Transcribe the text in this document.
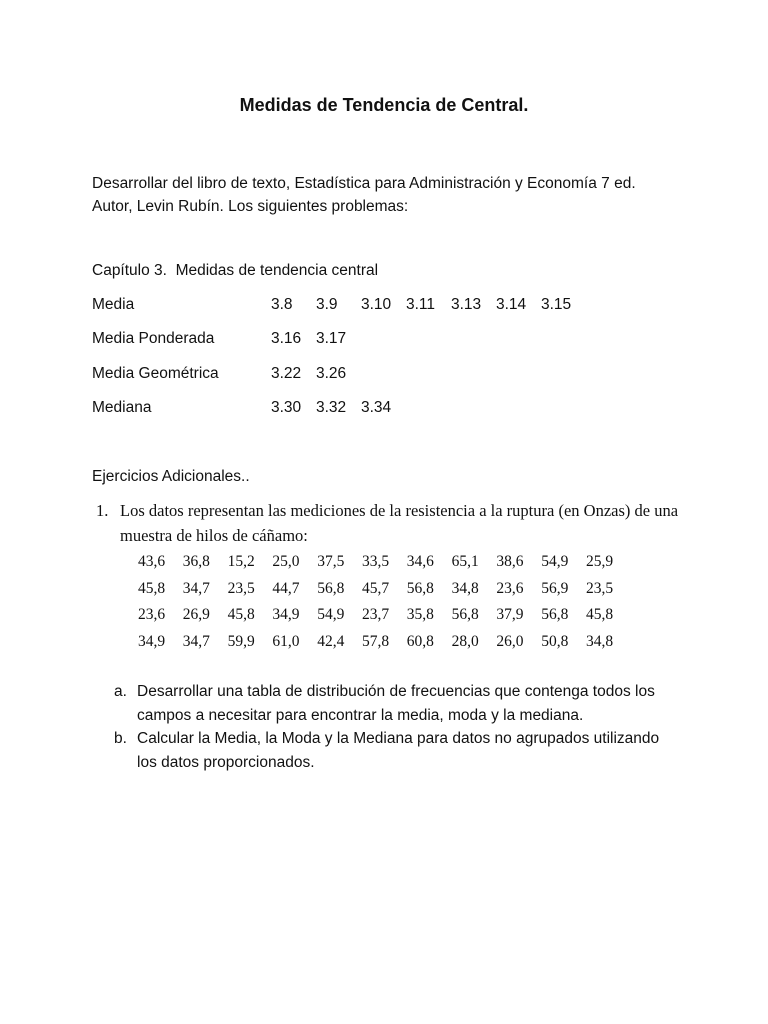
Medidas de Tendencia de Central.
Desarrollar del libro de texto, Estadística para Administración y Economía 7 ed.
Autor, Levin Rubín. Los siguientes problemas:
Capítulo 3.  Medidas de tendencia central
Media	3.8 3.9 3.10 3.11 3.13 3.14 3.15
Media Ponderada	3.16 3.17
Media Geométrica	3.22 3.26
Mediana	3.30 3.32 3.34
Ejercicios Adicionales..
1. Los datos representan las mediciones de la resistencia a la ruptura (en Onzas) de una
muestra de hilos de cáñamo:
43,6 36,8 15,2 25,0 37,5 33,5 34,6 65,1 38,6 54,9 25,9
45,8 34,7 23,5 44,7 56,8 45,7 56,8 34,8 23,6 56,9 23,5
23,6 26,9 45,8 34,9 54,9 23,7 35,8 56,8 37,9 56,8 45,8
34,9 34,7 59,9 61,0 42,4 57,8 60,8 28,0 26,0 50,8 34,8
a. Desarrollar una tabla de distribución de frecuencias que contenga todos los
campos a necesitar para encontrar la media, moda y la mediana.
b. Calcular la Media, la Moda y la Mediana para datos no agrupados utilizando
los datos proporcionados.
